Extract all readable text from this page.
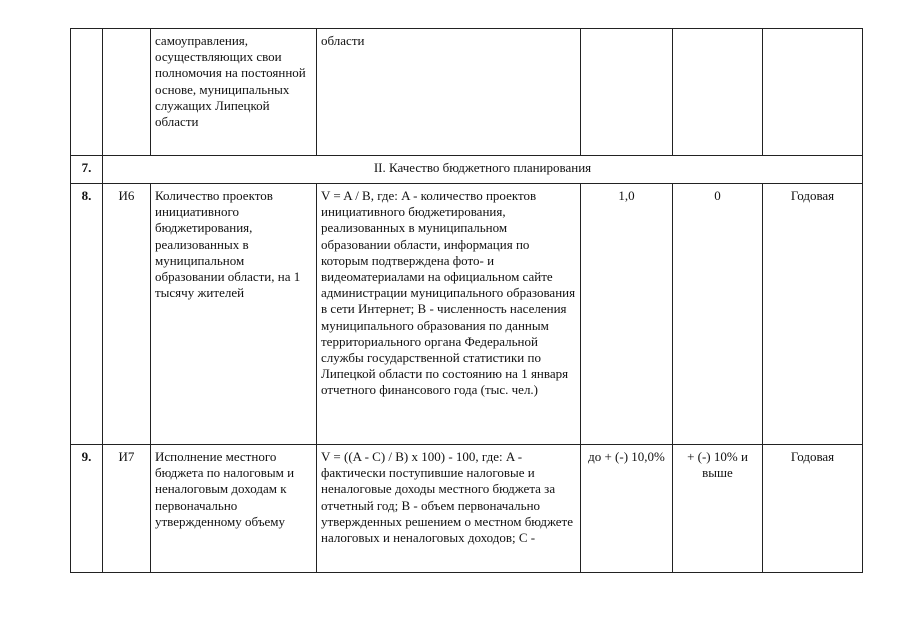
		самоуправления, осуществляющих свои полномочия на постоянной основе, муниципальных служащих Липецкой области	области			
7.	II. Качество бюджетного планирования					
8.	И6	Количество проектов инициативного бюджетирования, реализованных в муниципальном образовании области, на 1 тысячу жителей	V = A / B, где: A - количество проектов инициативного бюджетирования, реализованных в муниципальном образовании области, информация по которым подтверждена фото- и видеоматериалами на официальном сайте администрации муниципального образования в сети Интернет; B - численность населения муниципального образования по данным территориального органа Федеральной службы государственной статистики по Липецкой области по состоянию на 1 января отчетного финансового года (тыс. чел.)	1,0	0	Годовая
9.	И7	Исполнение местного бюджета по налоговым и неналоговым доходам к первоначально утвержденному объему	V = ((A - C) / B) x 100) - 100, где: A - фактически поступившие налоговые и неналоговые доходы местного бюджета за отчетный год; B - объем первоначально утвержденных решением о местном бюджете налоговых и неналоговых доходов; C -	до + (-) 10,0%	+ (-) 10% и выше	Годовая
